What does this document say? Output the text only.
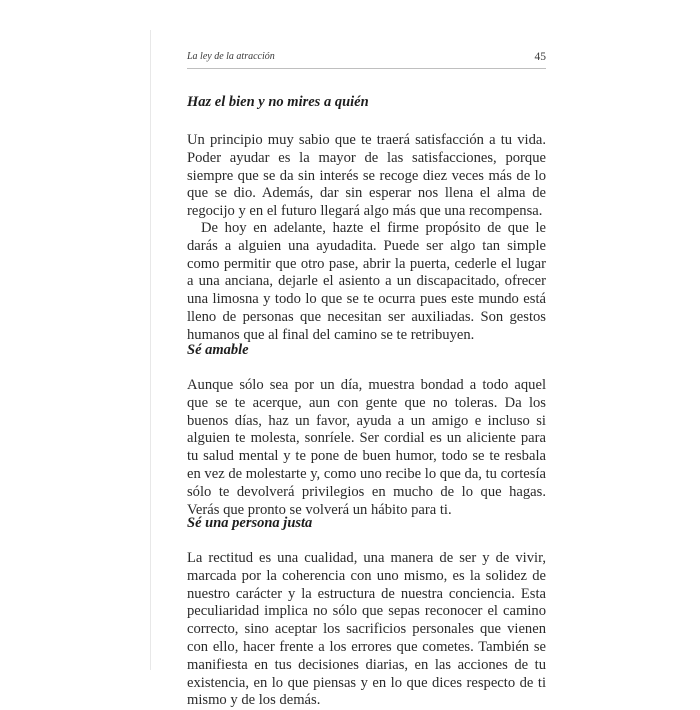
La ley de la atracción	45
Haz el bien y no mires a quién

Un principio muy sabio que te traerá satisfacción a tu vida. Poder ayudar es la mayor de las satisfacciones, porque siempre que se da sin interés se recoge diez veces más de lo que se dio. Además, dar sin esperar nos llena el alma de regocijo y en el futuro llegará algo más que una recompensa.

De hoy en adelante, hazte el firme propósito de que le darás a alguien una ayudadita. Puede ser algo tan simple como permitir que otro pase, abrir la puerta, cederle el lugar a una anciana, dejarle el asiento a un discapacitado, ofrecer una limosna y todo lo que se te ocurra pues este mundo está lleno de personas que necesitan ser auxiliadas. Son gestos humanos que al final del camino se te retribuyen.

Sé amable

Aunque sólo sea por un día, muestra bondad a todo aquel que se te acerque, aun con gente que no toleras. Da los buenos días, haz un favor, ayuda a un amigo e incluso si alguien te molesta, sonríele. Ser cordial es un aliciente para tu salud mental y te pone de buen humor, todo se te resbala en vez de molestarte y, como uno recibe lo que da, tu cortesía sólo te devolverá privilegios en mucho de lo que hagas. Verás que pronto se volverá un hábito para ti.

Sé una persona justa

La rectitud es una cualidad, una manera de ser y de vivir, marcada por la coherencia con uno mismo, es la solidez de nuestro carácter y la estructura de nuestra conciencia. Esta peculiaridad implica no sólo que sepas reconocer el camino correcto, sino aceptar los sacrificios personales que vienen con ello, hacer frente a los errores que cometes. También se manifiesta en tus decisiones diarias, en las acciones de tu existencia, en lo que piensas y en lo que dices respecto de ti mismo y de los demás.
